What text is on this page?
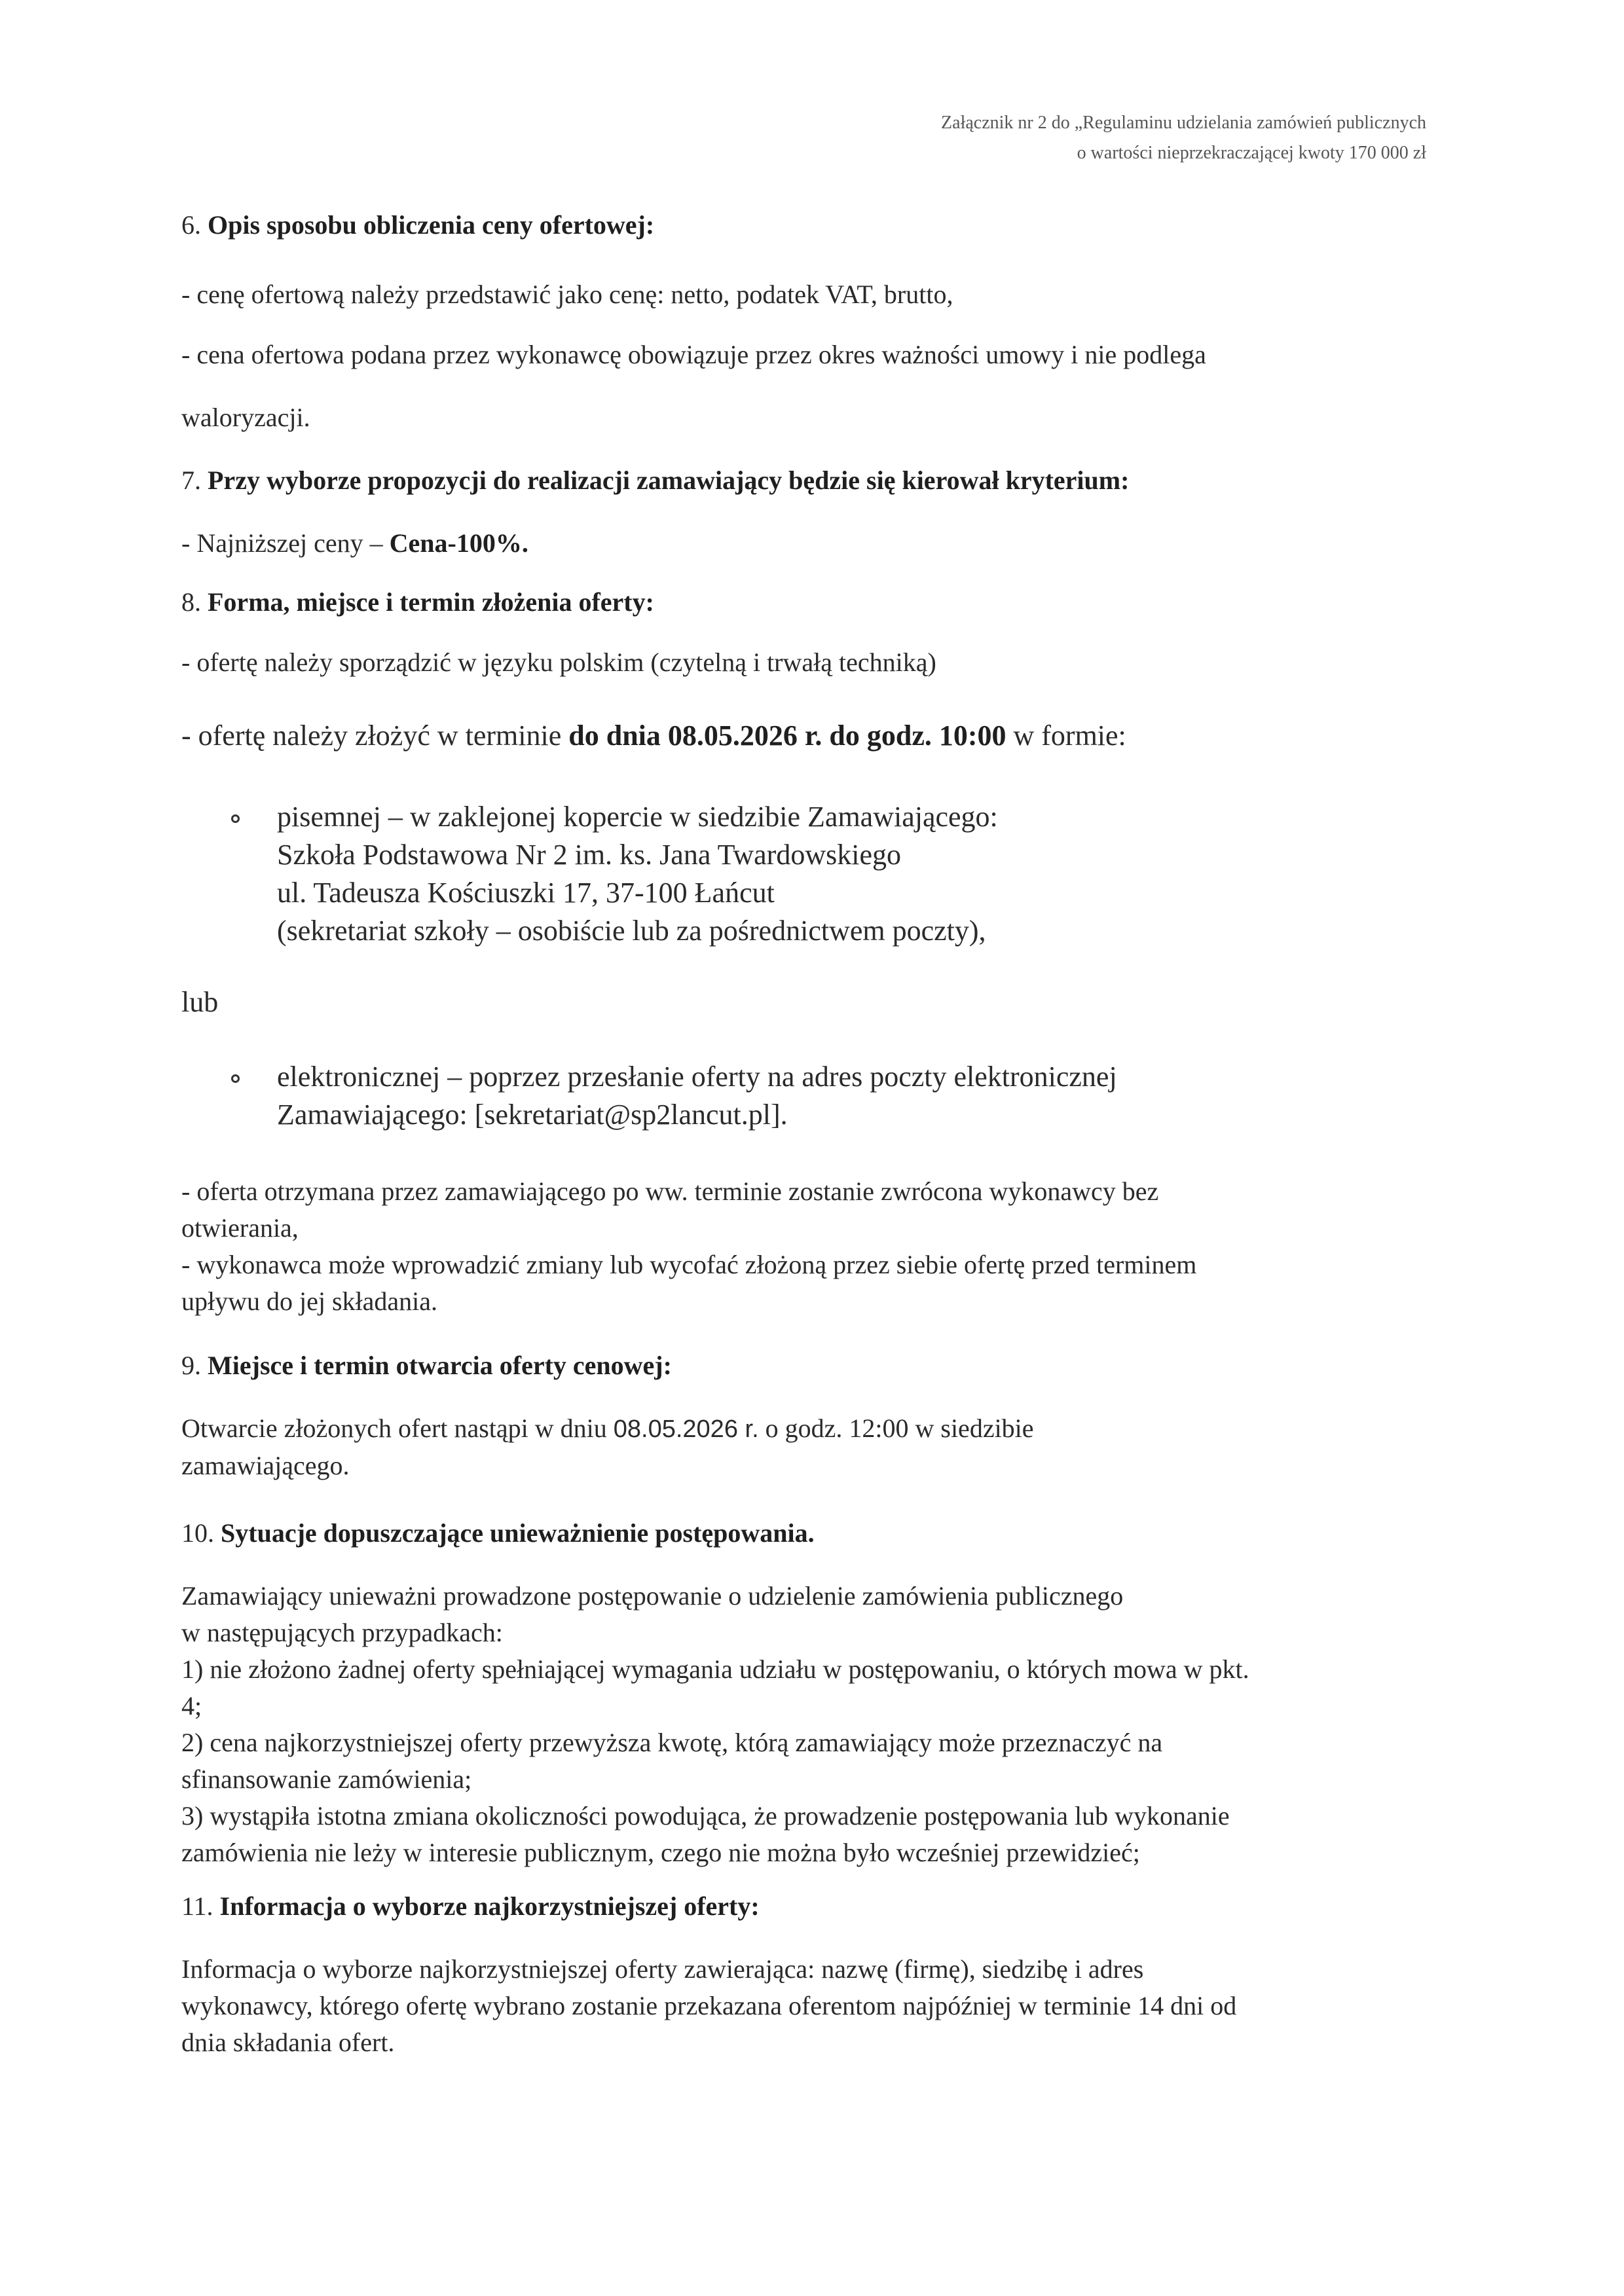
Załącznik nr 2 do „Regulaminu udzielania zamówień publicznych
o wartości nieprzekraczającej kwoty 170 000 zł
6. Opis sposobu obliczenia ceny ofertowej:
- cenę ofertową należy przedstawić jako cenę: netto, podatek VAT, brutto,
- cena ofertowa podana przez wykonawcę obowiązuje przez okres ważności umowy i nie podlega
waloryzacji.
7. Przy wyborze propozycji do realizacji zamawiający będzie się kierował kryterium:
- Najniższej ceny – Cena-100%.
8. Forma, miejsce i termin złożenia oferty:
- ofertę należy sporządzić w języku polskim (czytelną i trwałą techniką)
- ofertę należy złożyć w terminie do dnia 08.05.2026 r. do godz. 10:00 w formie:
pisemnej – w zaklejonej kopercie w siedzibie Zamawiającego:
Szkoła Podstawowa Nr 2 im. ks. Jana Twardowskiego
ul. Tadeusza Kościuszki 17, 37-100 Łańcut
(sekretariat szkoły – osobiście lub za pośrednictwem poczty),
lub
elektronicznej – poprzez przesłanie oferty na adres poczty elektronicznej
Zamawiającego: [sekretariat@sp2lancut.pl].
- oferta otrzymana przez zamawiającego po ww. terminie zostanie zwrócona wykonawcy bez
otwierania,
- wykonawca może wprowadzić zmiany lub wycofać złożoną przez siebie ofertę przed terminem
upływu do jej składania.
9. Miejsce i termin otwarcia oferty cenowej:
Otwarcie złożonych ofert nastąpi w dniu 08.05.2026 r. o godz. 12:00 w siedzibie
zamawiającego.
10. Sytuacje dopuszczające unieważnienie postępowania.
Zamawiający unieważni prowadzone postępowanie o udzielenie zamówienia publicznego
w następujących przypadkach:
1) nie złożono żadnej oferty spełniającej wymagania udziału w postępowaniu, o których mowa w pkt.
4;
2) cena najkorzystniejszej oferty przewyższa kwotę, którą zamawiający może przeznaczyć na
sfinansowanie zamówienia;
3) wystąpiła istotna zmiana okoliczności powodująca, że prowadzenie postępowania lub wykonanie
zamówienia nie leży w interesie publicznym, czego nie można było wcześniej przewidzieć;
11. Informacja o wyborze najkorzystniejszej oferty:
Informacja o wyborze najkorzystniejszej oferty zawierająca: nazwę (firmę), siedzibę i adres
wykonawcy, którego ofertę wybrano zostanie przekazana oferentom najpóźniej w terminie 14 dni od
dnia składania ofert.
